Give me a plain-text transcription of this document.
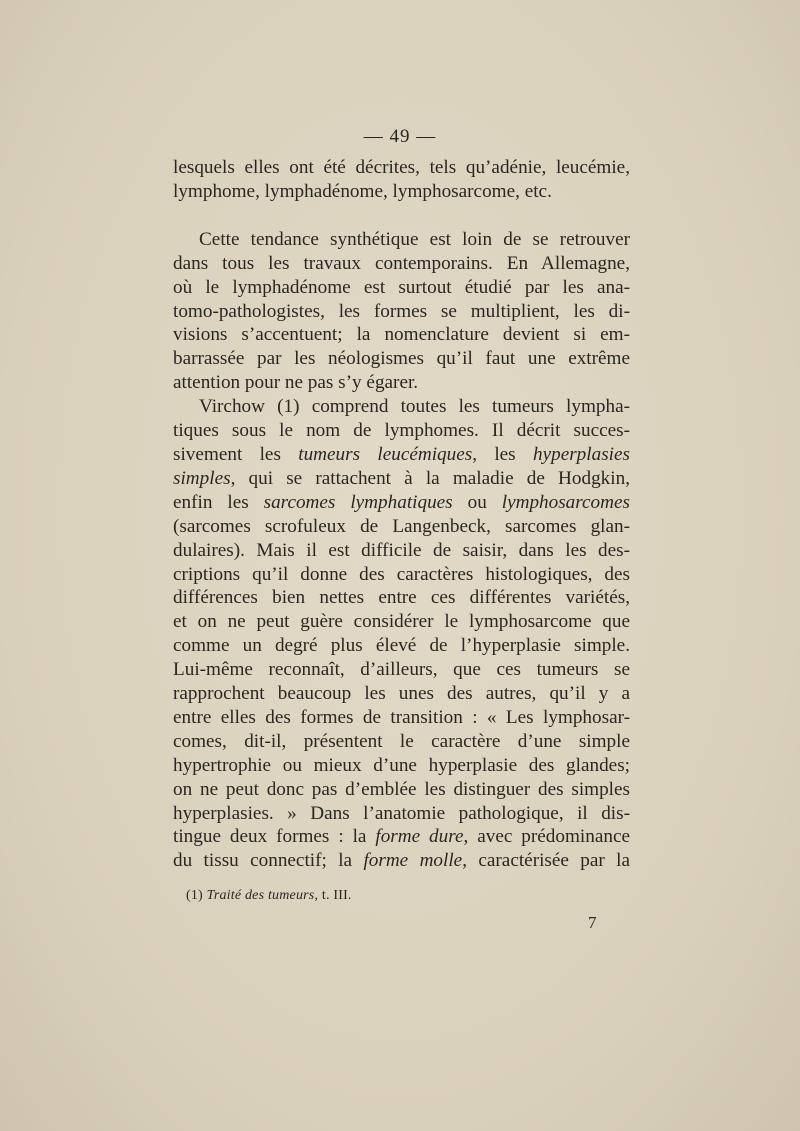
— 49 —
lesquels elles ont été décrites, tels qu’adénie, leucémie,
lymphome, lymphadénome, lymphosarcome, etc.
Cette tendance synthétique est loin de se retrouver
dans tous les travaux contemporains. En Allemagne,
où le lymphadénome est surtout étudié par les ana-
tomo-pathologistes, les formes se multiplient, les di-
visions s’accentuent; la nomenclature devient si em-
barrassée par les néologismes qu’il faut une extrême
attention pour ne pas s’y égarer.
Virchow (1) comprend toutes les tumeurs lympha-
tiques sous le nom de lymphomes. Il décrit succes-
sivement les tumeurs leucémiques, les hyperplasies
simples, qui se rattachent à la maladie de Hodgkin,
enfin les sarcomes lymphatiques ou lymphosarcomes
(sarcomes scrofuleux de Langenbeck, sarcomes glan-
dulaires). Mais il est difficile de saisir, dans les des-
criptions qu’il donne des caractères histologiques, des
différences bien nettes entre ces différentes variétés,
et on ne peut guère considérer le lymphosarcome que
comme un degré plus élevé de l’hyperplasie simple.
Lui-même reconnaît, d’ailleurs, que ces tumeurs se
rapprochent beaucoup les unes des autres, qu’il y a
entre elles des formes de transition : « Les lymphosar-
comes, dit-il, présentent le caractère d’une simple
hypertrophie ou mieux d’une hyperplasie des glandes;
on ne peut donc pas d’emblée les distinguer des simples
hyperplasies. » Dans l’anatomie pathologique, il dis-
tingue deux formes : la forme dure, avec prédominance
du tissu connectif; la forme molle, caractérisée par la
(1) Traité des tumeurs, t. III.
7
